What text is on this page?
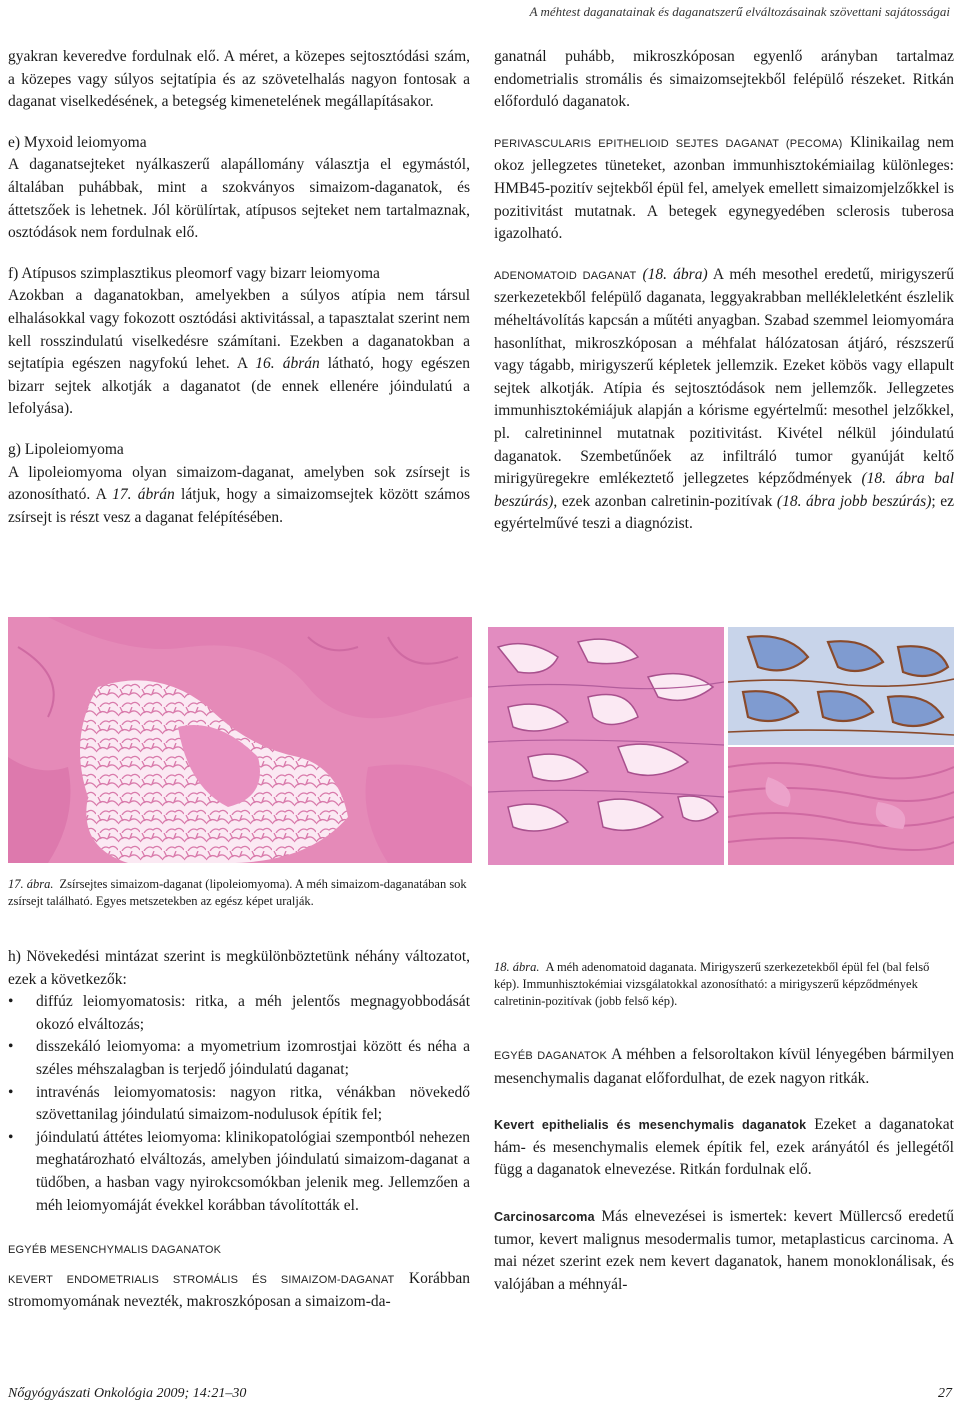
A méhtest daganatainak és daganatszerű elváltozásainak szövettani sajátosságai

gyakran keveredve fordulnak elő. A méret, a közepes sejtosztódási szám, a közepes vagy súlyos sejtatípia és az szövetelhalás nagyon fontosak a daganat viselkedésének, a betegség kimenetelének megállapításakor.

e) Myxoid leiomyoma

A daganatsejteket nyálkaszerű alapállomány választja el egymástól, általában puhábbak, mint a szokványos simaizom-daganatok, és áttetszőek is lehetnek. Jól körülírtak, atípusos sejteket nem tartalmaznak, osztódások nem fordulnak elő.

f) Atípusos szimplasztikus pleomorf vagy bizarr leiomyoma

Azokban a daganatokban, amelyekben a súlyos atípia nem társul elhalásokkal vagy fokozott osztódási aktivitással, a tapasztalat szerint nem kell rosszindulatú viselkedésre számítani. Ezekben a daganatokban a sejtatípia egészen nagyfokú lehet. A 16. ábrán látható, hogy egészen bizarr sejtek alkotják a daganatot (de ennek ellenére jóindulatú a lefolyása).

g) Lipoleiomyoma

A lipoleiomyoma olyan simaizom-daganat, amelyben sok zsírsejt is azonosítható. A 17. ábrán látjuk, hogy a simaizomsejtek között számos zsírsejt is részt vesz a daganat felépítésében.

ganatnál puhább, mikroszkóposan egyenlő arányban tartalmaz endometrialis stromális és simaizomsejtekből felépülő részeket. Ritkán előforduló daganatok.

PERIVASCULARIS EPITHELIOID SEJTES DAGANAT (PECOMA) Klinikailag nem okoz jellegzetes tüneteket, azonban immunhisztokémiailag különleges: HMB45-pozitív sejtekből épül fel, amelyek emellett simaizomjelzőkkel is pozitivitást mutatnak. A betegek egynegyedében sclerosis tuberosa igazolható.

ADENOMATOID DAGANAT (18. ábra) A méh mesothel eredetű, mirigyszerű szerkezetekből felépülő daganata, leggyakrabban mellékleletként észlelik méheltávolítás kapcsán a műtéti anyagban. Szabad szemmel leiomyomára hasonlíthat, mikroszkóposan a méhfalat hálózatosan átjáró, részszerű vagy tágabb, mirigyszerű képletek jellemzik. Ezeket köbös vagy ellapult sejtek alkotják. Atípia és sejtosztódások nem jellemzők. Jellegzetes immunhisztokémiájuk alapján a kórisme egyértelmű: mesothel jelzőkkel, pl. calretininnel mutatnak pozitivitást. Kivétel nélkül jóindulatú daganatok. Szembetűnőek az infiltráló tumor gyanúját keltő mirigyüregekre emlékeztető jellegzetes képződmények (18. ábra bal beszúrás), ezek azonban calretinin-pozitívak (18. ábra jobb beszúrás); ez egyértelművé teszi a diagnózist.

17. ábra. Zsírsejtes simaizom-daganat (lipoleiomyoma). A méh simaizom-daganatában sok zsírsejt található. Egyes metszetekben az egész képet uralják.
18. ábra. A méh adenomatoid daganata. Mirigyszerű szerkezetekből épül fel (bal felső kép). Immunhisztokémiai vizsgálatokkal azonosítható: a mirigyszerű képződmények calretinin-pozitívak (jobb felső kép).

h) Növekedési mintázat szerint is megkülönböztetünk néhány változatot, ezek a következők:

• diffúz leiomyomatosis: ritka, a méh jelentős megnagyobbodását okozó elváltozás;
• disszekáló leiomyoma: a myometrium izomrostjai között és néha a széles méhszalagban is terjedő jóindulatú daganat;
• intravénás leiomyomatosis: nagyon ritka, vénákban növekedő szövettanilag jóindulatú simaizom-nodulusok építik fel;
• jóindulatú áttétes leiomyoma: klinikopatológiai szempontból nehezen meghatározható elváltozás, amelyben jóindulatú simaizom-daganat a tüdőben, a hasban vagy nyirokcsomókban jelenik meg. Jellemzően a méh leiomyomáját évekkel korábban távolították el.

EGYÉB MESENCHYMALIS DAGANATOK

KEVERT ENDOMETRIALIS STROMÁLIS ÉS SIMAIZOM-DAGANAT Korábban stromomyomának nevezték, makroszkóposan a simaizom-da-

EGYÉB DAGANATOK A méhben a felsoroltakon kívül lényegében bármilyen mesenchymalis daganat előfordulhat, de ezek nagyon ritkák.

Kevert epithelialis és mesenchymalis daganatok Ezeket a daganatokat hám- és mesenchymalis elemek építik fel, ezek arányától és jellegétől függ a daganatok elnevezése. Ritkán fordulnak elő.

Carcinosarcoma Más elnevezései is ismertek: kevert Müllercső eredetű tumor, kevert malignus mesodermalis tumor, metaplasticus carcinoma. A mai nézet szerint ezek nem kevert daganatok, hanem monoklonálisak, és valójában a méhnyál-

Nőgyógyászati Onkológia 2009; 14:21–30	27
